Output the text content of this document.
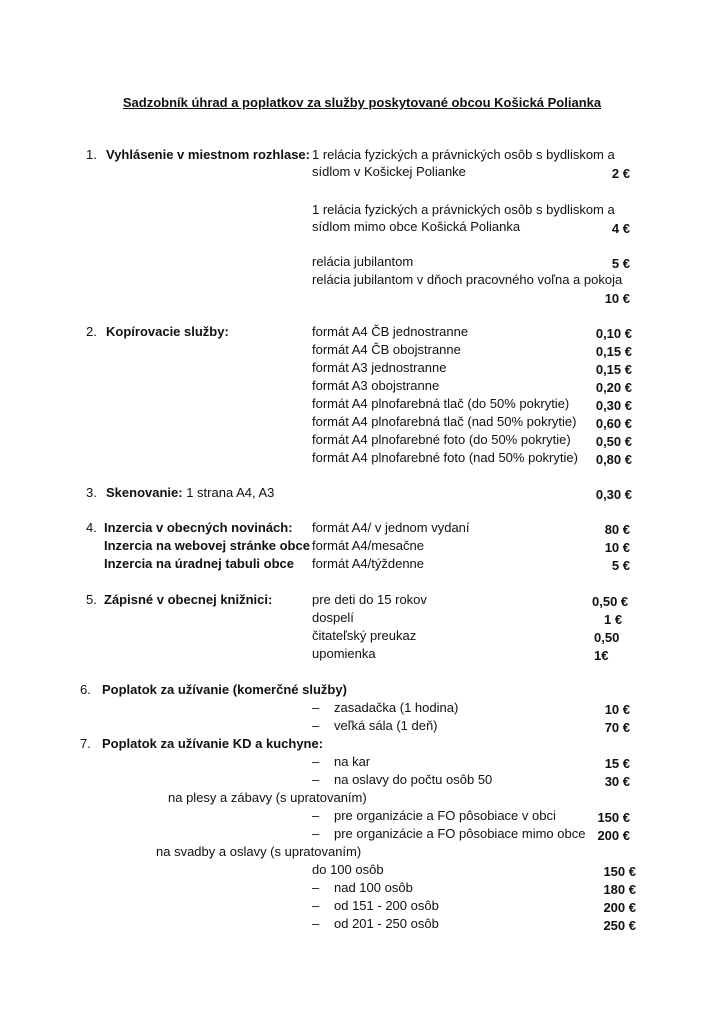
Sadzobník úhrad a poplatkov za služby poskytované obcou Košická Polianka
1. Vyhlásenie v miestnom rozhlase: 1 relácia fyzických a právnických osôb s bydliskom a
sídlom v Košickej Polianke	2 €
1 relácia fyzických a právnických osôb s bydliskom a
sídlom mimo obce Košická Polianka	4 €
relácia jubilantom	5 €
relácia jubilantom v dňoch pracovného voľna a pokoja
10 €
2. Kopírovacie služby:	formát A4 ČB jednostranne	0,10 €
formát A4 ČB obojstranne	0,15 €
formát A3 jednostranne	0,15 €
formát A3 obojstranne	0,20 €
formát A4 plnofarebná tlač (do 50% pokrytie)	0,30 €
formát A4 plnofarebná tlač (nad 50% pokrytie)	0,60 €
formát A4 plnofarebné foto (do 50% pokrytie)	0,50 €
formát A4 plnofarebné foto (nad 50% pokrytie)	0,80 €
3. Skenovanie: 1 strana A4, A3	0,30 €
4. Inzercia v obecných novinách: formát A4/ v jednom vydaní	80 €
Inzercia na webovej stránke obce formát A4/mesačne	10 €
Inzercia na úradnej tabuli obce formát A4/týždenne	5 €
5. Zápisné v obecnej knižnici:	pre deti do 15 rokov	0,50 €
dospelí	1 €
čitateľský preukaz	0,50
upomienka	1€
6. Poplatok za užívanie (komerčné služby)
– zasadačka (1 hodina)	10 €
– veľká sála (1 deň)	70 €
7. Poplatok za užívanie KD a kuchyne:
– na kar	15 €
– na oslavy do počtu osôb 50	30 €
na plesy a zábavy (s upratovaním)
– pre organizácie a FO pôsobiace v obci	150 €
– pre organizácie a FO pôsobiace mimo obce 200 €
na svadby a oslavy (s upratovaním)
do 100 osôb	150 €
– nad 100 osôb	180 €
– od 151 - 200 osôb	200 €
– od 201 - 250 osôb	250 €
